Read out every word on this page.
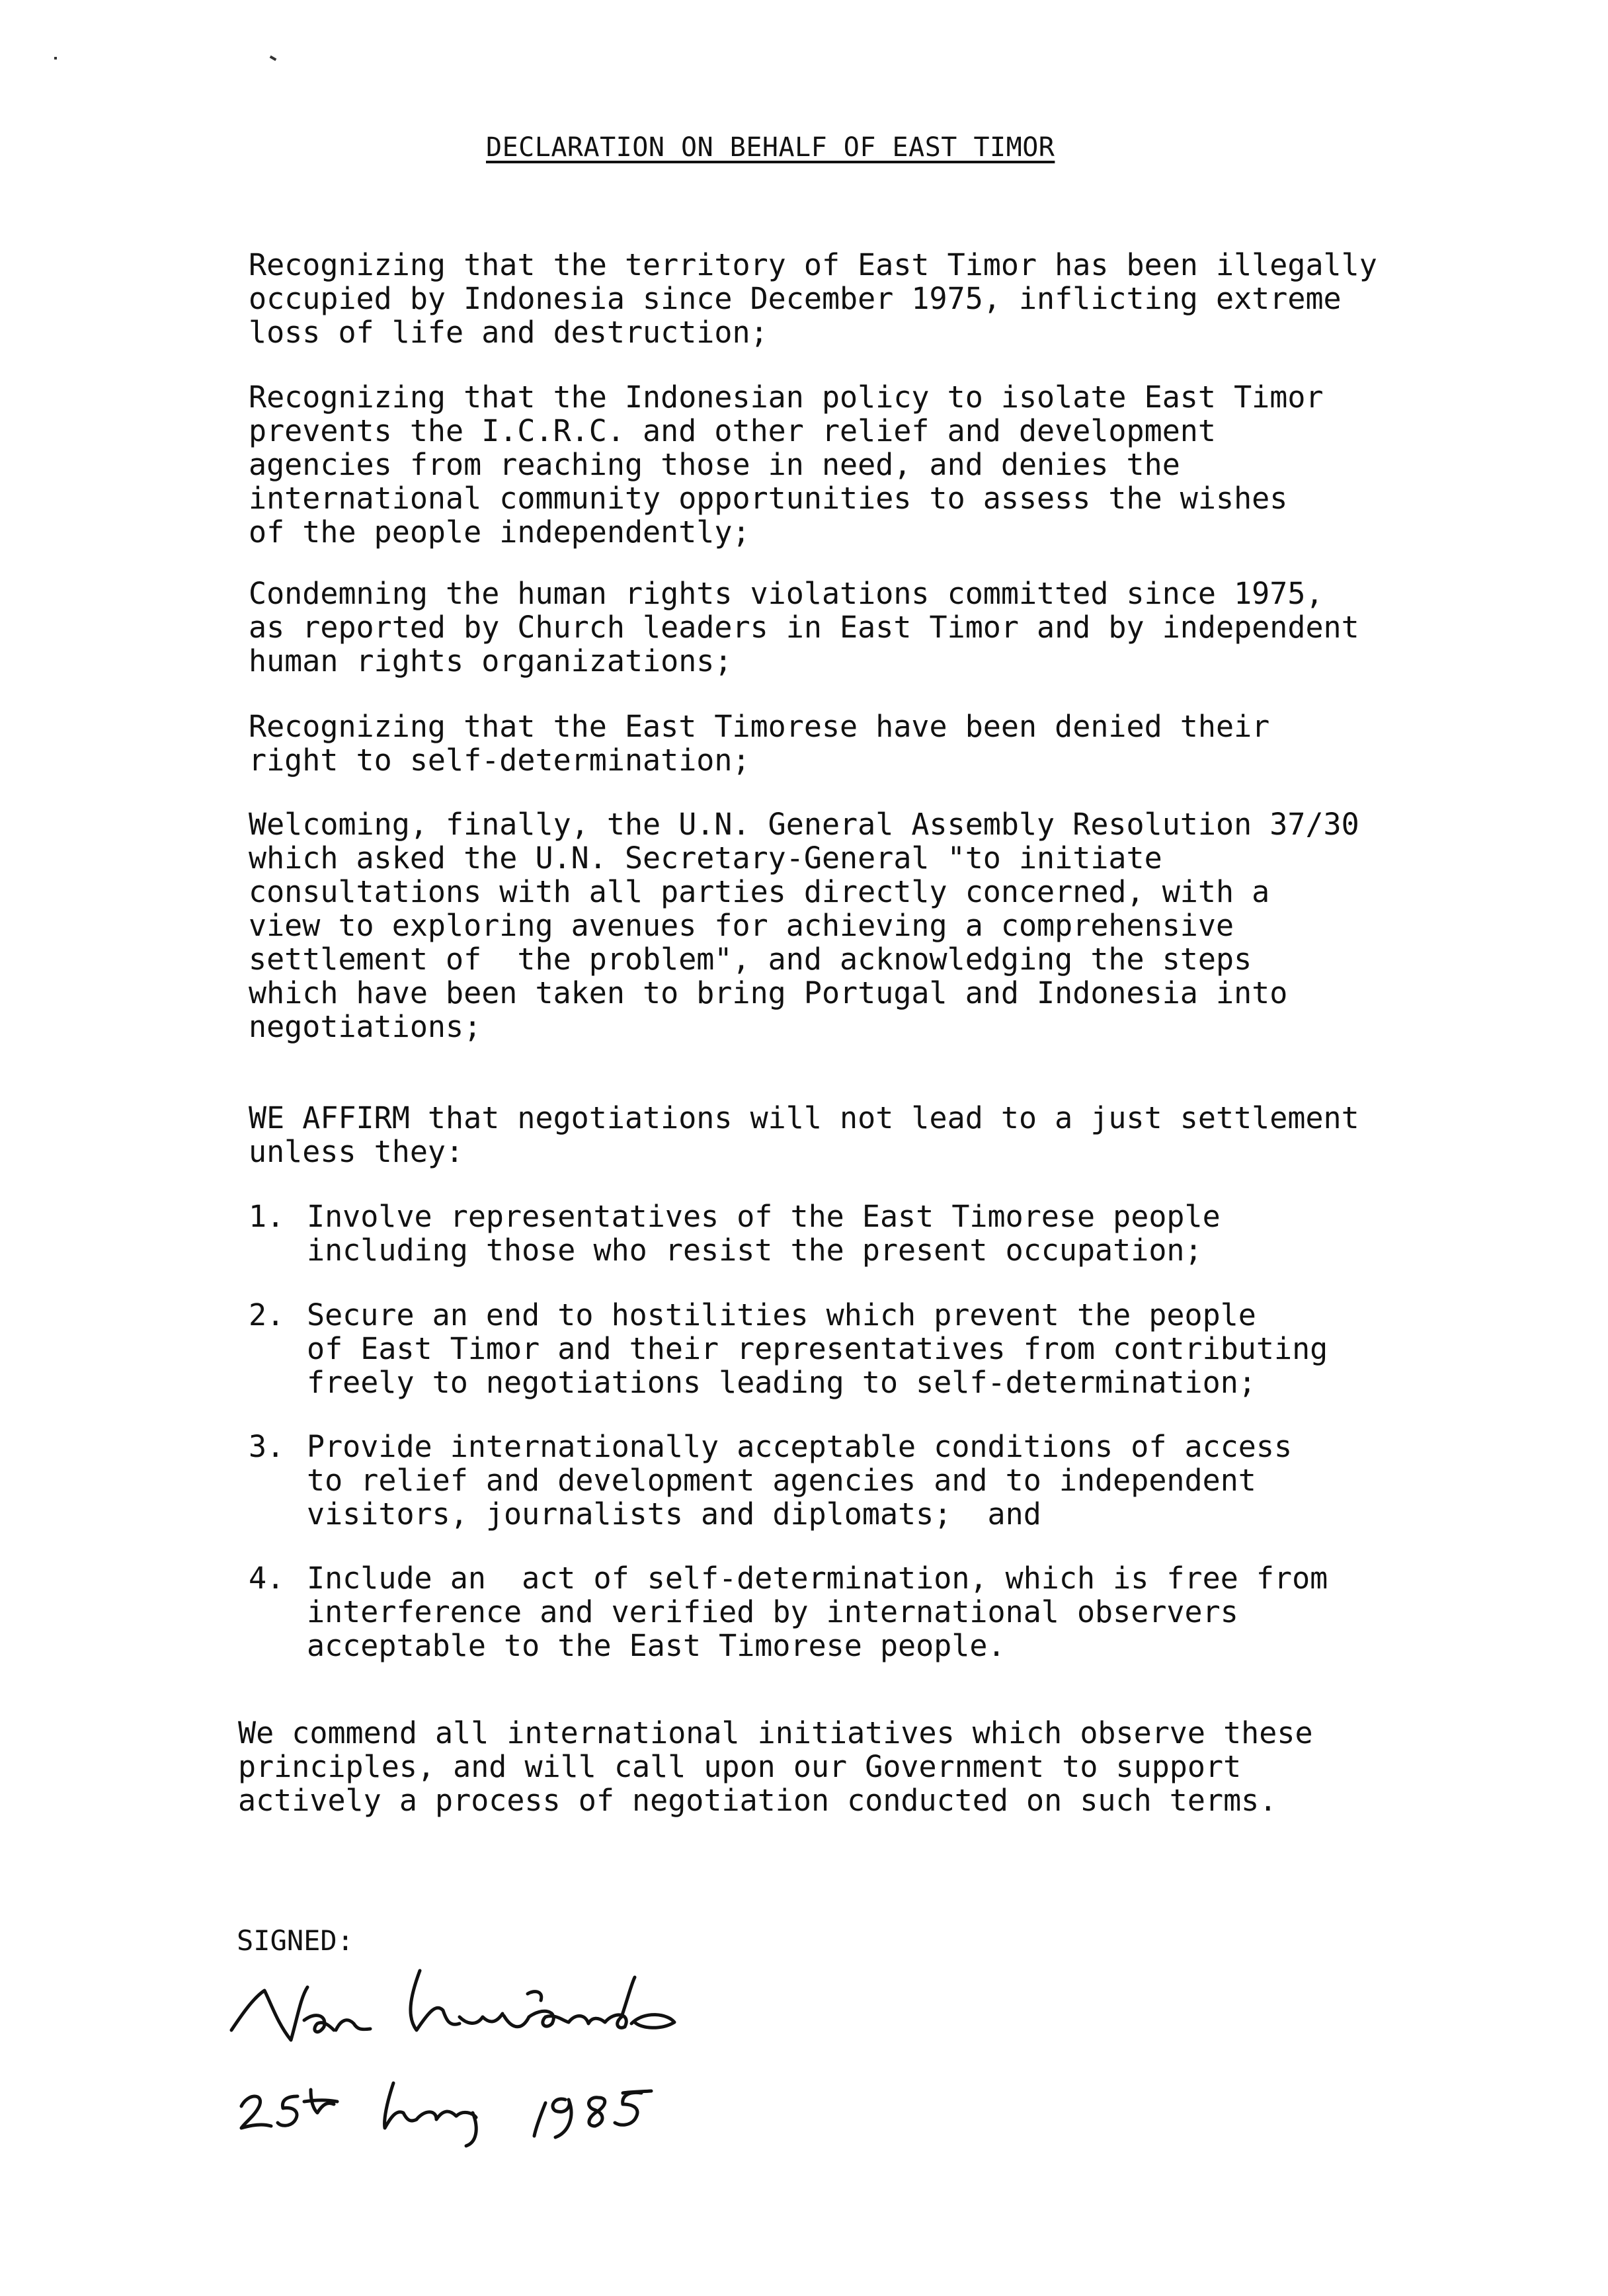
DECLARATION ON BEHALF OF EAST TIMOR

Recognizing that the territory of East Timor has been illegally
occupied by Indonesia since December 1975, inflicting extreme
loss of life and destruction;

Recognizing that the Indonesian policy to isolate East Timor
prevents the I.C.R.C. and other relief and development
agencies from reaching those in need, and denies the
international community opportunities to assess the wishes
of the people independently;

Condemning the human rights violations committed since 1975,
as reported by Church leaders in East Timor and by independent
human rights organizations;

Recognizing that the East Timorese have been denied their
right to self-determination;

Welcoming, finally, the U.N. General Assembly Resolution 37/30
which asked the U.N. Secretary-General "to initiate
consultations with all parties directly concerned, with a
view to exploring avenues for achieving a comprehensive
settlement of  the problem", and acknowledging the steps
which have been taken to bring Portugal and Indonesia into
negotiations;

WE AFFIRM that negotiations will not lead to a just settlement
unless they:

1. Involve representatives of the East Timorese people
including those who resist the present occupation;
2. Secure an end to hostilities which prevent the people
of East Timor and their representatives from contributing
freely to negotiations leading to self-determination;
3. Provide internationally acceptable conditions of access
to relief and development agencies and to independent
visitors, journalists and diplomats;  and
4. Include an  act of self-determination, which is free from
interference and verified by international observers
acceptable to the East Timorese people.

We commend all international initiatives which observe these
principles, and will call upon our Government to support
actively a process of negotiation conducted on such terms.

SIGNED:
